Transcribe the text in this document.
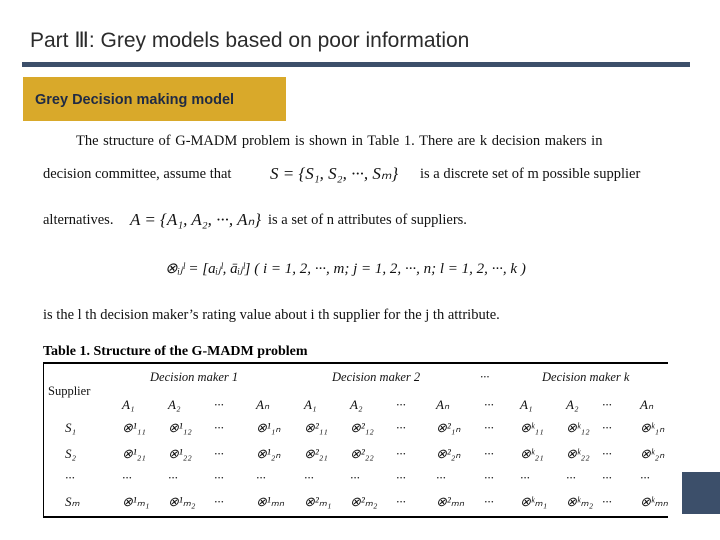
Part Ⅲ: Grey models based on poor information
Grey Decision making model
The structure of G-MADM problem is shown in Table 1. There are k decision makers in
decision committee, assume that S = {S₁, S₂, ···, Sₘ} is a discrete set of m possible supplier
alternatives. A = {A₁, A₂, ···, Aₙ} is a set of n attributes of suppliers.
⊗ᵢⱼˡ = [aᵢⱼˡ, āᵢⱼˡ] ( i = 1, 2, ···, m; j = 1, 2, ···, n; l = 1, 2, ···, k )
is the l th decision maker’s rating value about i th supplier for the j th attribute.
Table 1. Structure of the G-MADM problem
Supplier
Decision maker 1	Decision maker 2	···	Decision maker k
A₁	A₂	··· Aₙ	A₁	A₂	··· Aₙ	··· A₁	A₂ ··· Aₙ
S₁	⊗¹₁₁ ⊗¹₁₂ ··· ⊗¹₁ₙ ⊗²₁₁ ⊗²₁₂ ··· ⊗²₁ₙ ··· ⊗ᵏ₁₁ ⊗ᵏ₁₂ ··· ⊗ᵏ₁ₙ
S₂	⊗¹₂₁ ⊗¹₂₂ ··· ⊗¹₂ₙ ⊗²₂₁ ⊗²₂₂ ··· ⊗²₂ₙ ··· ⊗ᵏ₂₁ ⊗ᵏ₂₂ ··· ⊗ᵏ₂ₙ
···	···	···	··· ···	···	···	··· ···	··· ···	··· ··· ···
Sₘ	⊗¹ₘ₁ ⊗¹ₘ₂ ··· ⊗¹ₘₙ ⊗²ₘ₁ ⊗²ₘ₂ ··· ⊗²ₘₙ ··· ⊗ᵏₘ₁ ⊗ᵏₘ₂ ··· ⊗ᵏₘₙ
